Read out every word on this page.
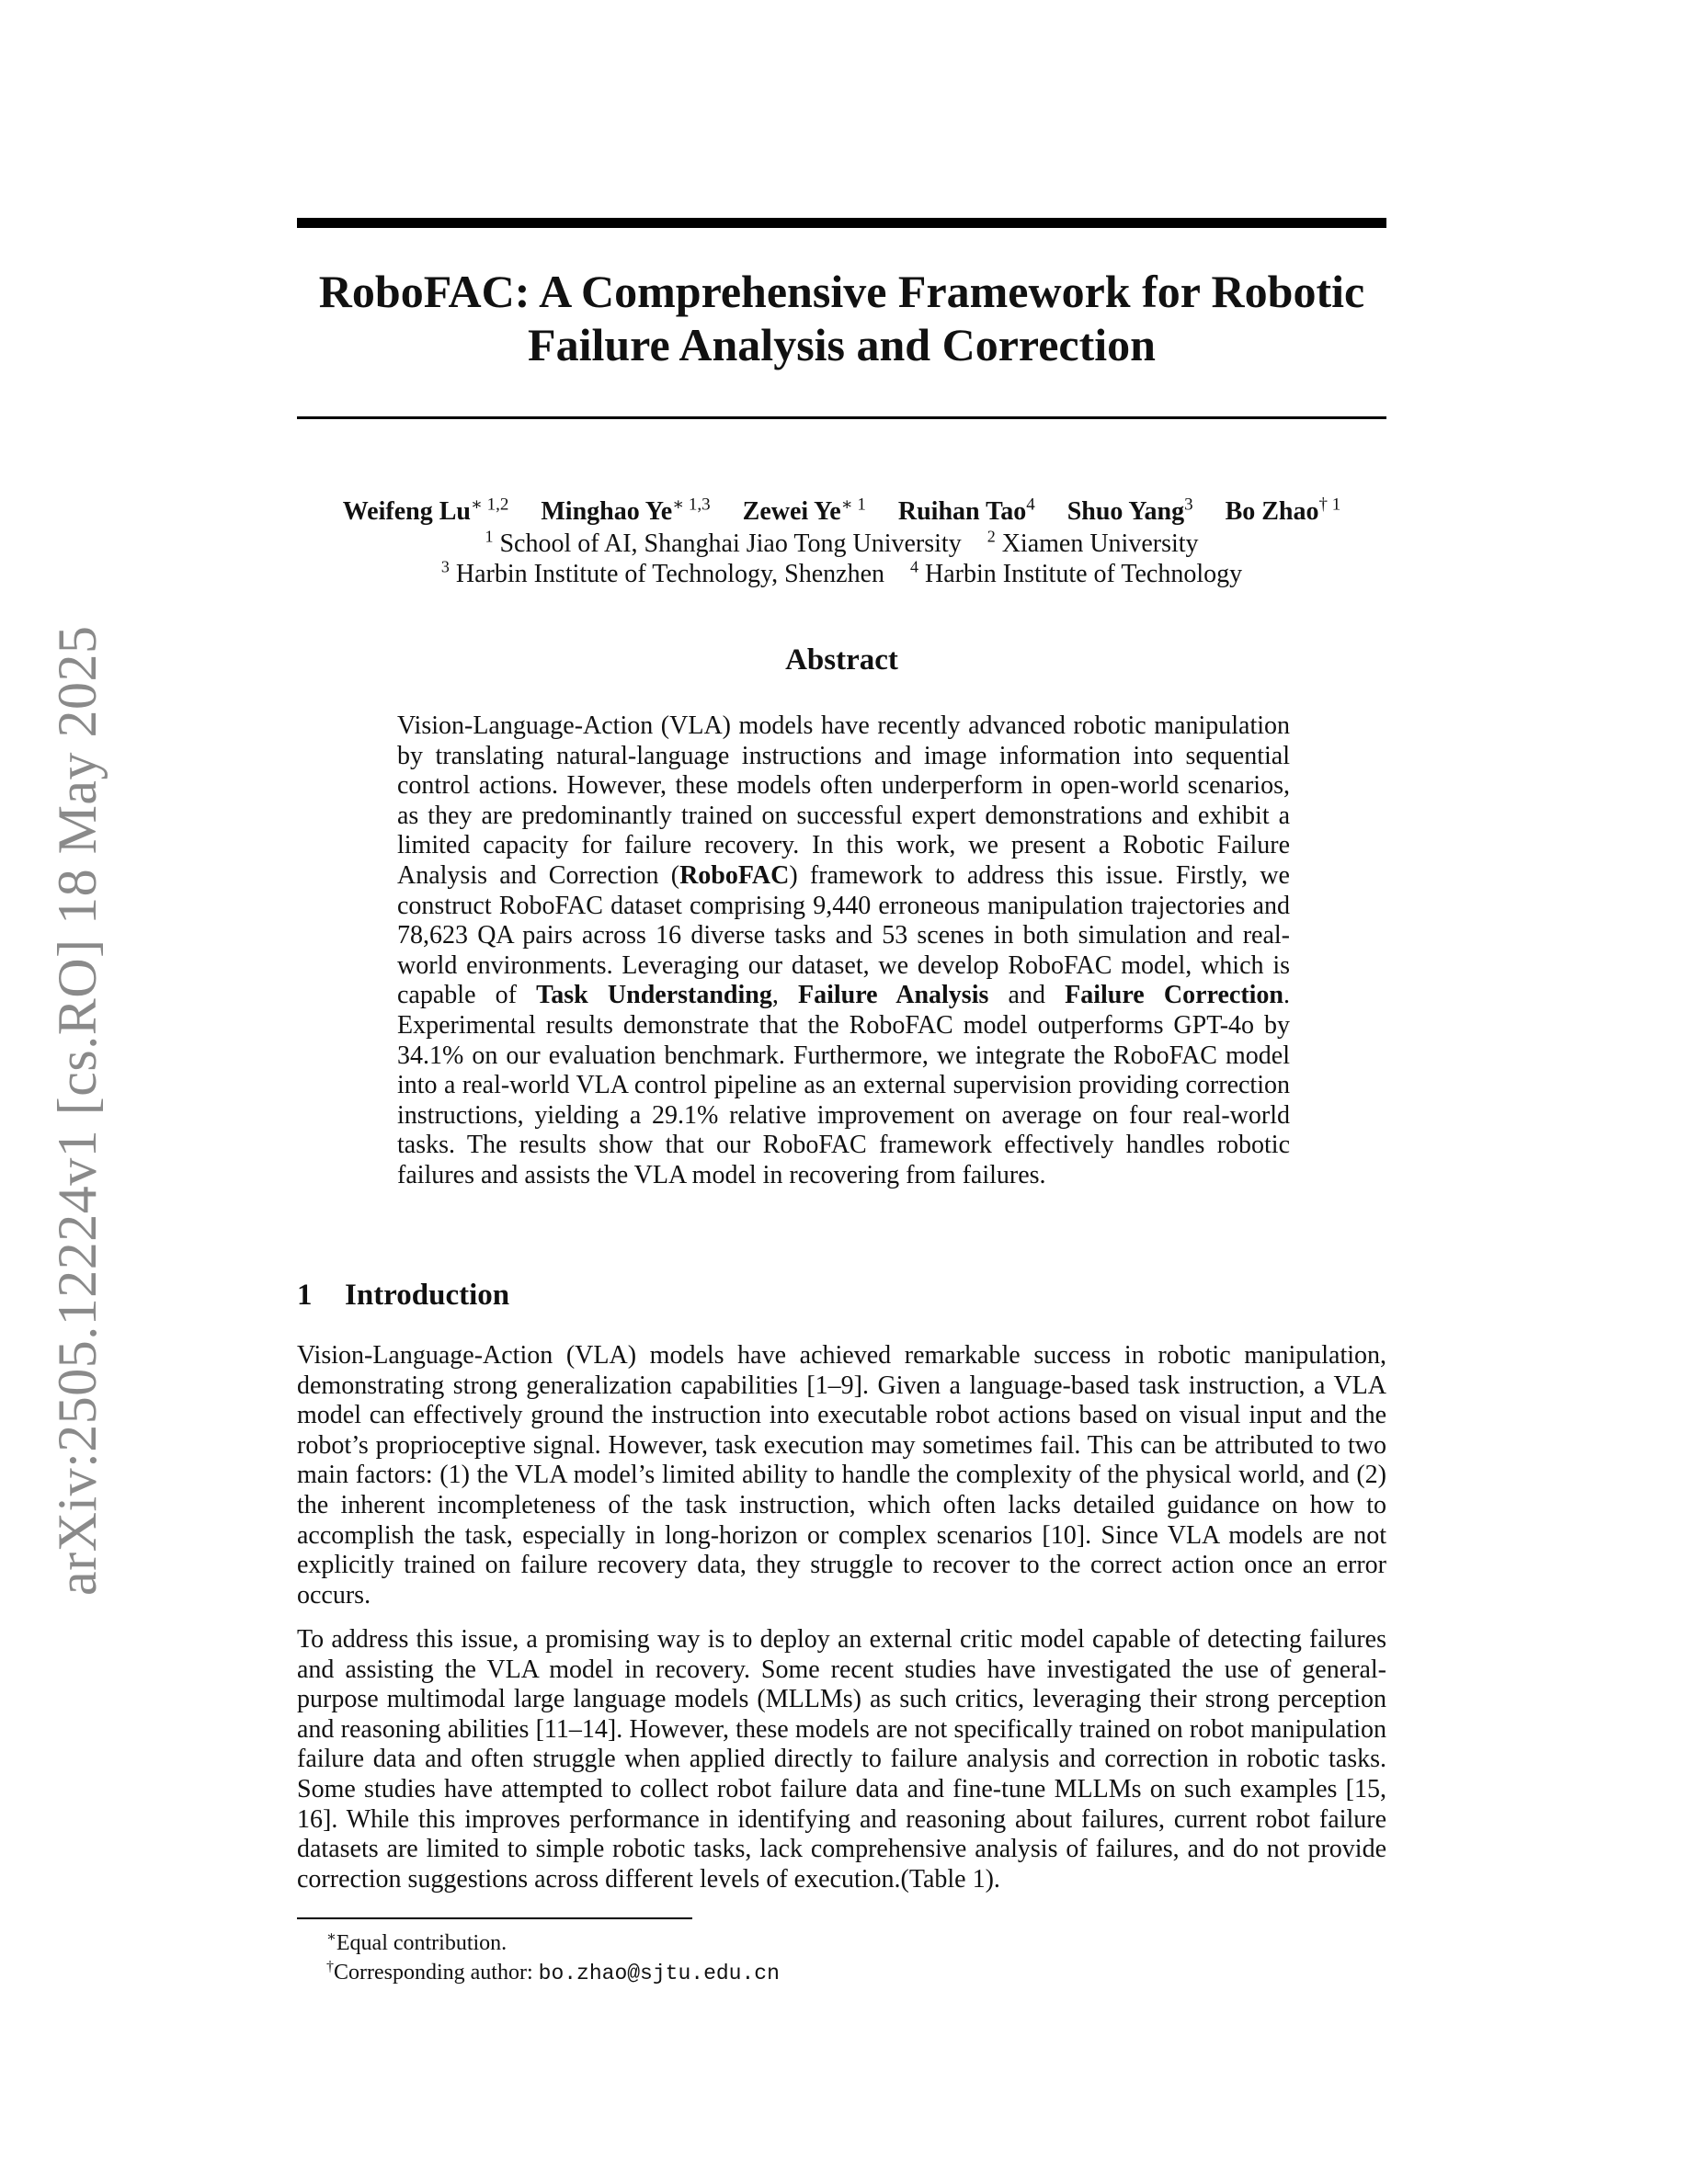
arXiv:2505.12224v1 [cs.RO] 18 May 2025
RoboFAC: A Comprehensive Framework for Robotic
Failure Analysis and Correction
Weifeng $Lu^{∗ 1,2}$ Minghao $Ye^{∗ 1,3}$ Zewei $Ye^{∗ 1}$ Ruihan Tao$^4$ Shuo Yang$^3$ Bo Zhao$^{\dagger 1}$
$^1$ School of AI, Shanghai Jiao Tong University $^2$ Xiamen University
$^3$ Harbin Institute of Technology, Shenzhen $^4$ Harbin Institute of Technology
Abstract

Vision-Language-Action (VLA) models have recently advanced robotic manipulation by translating natural-language instructions and image information into sequential control actions. However, these models often underperform in open-world scenarios, as they are predominantly trained on successful expert demonstrations and exhibit a limited capacity for failure recovery. In this work, we present a Robotic Failure Analysis and Correction (RoboFAC) framework to address this issue. Firstly, we construct RoboFAC dataset comprising 9,440 erroneous manipulation trajectories and 78,623 QA pairs across 16 diverse tasks and 53 scenes in both simulation and real-world environments. Leveraging our dataset, we develop RoboFAC model, which is capable of Task Understanding, Failure Analysis and Failure Correction. Experimental results demonstrate that the RoboFAC model outperforms GPT-4o by 34.1% on our evaluation benchmark. Furthermore, we integrate the RoboFAC model into a real-world VLA control pipeline as an external supervision providing correction instructions, yielding a 29.1% relative improvement on average on four real-world tasks. The results show that our RoboFAC framework effectively handles robotic failures and assists the VLA model in recovering from failures.

1 Introduction

Vision-Language-Action (VLA) models have achieved remarkable success in robotic manipulation, demonstrating strong generalization capabilities [1–9]. Given a language-based task instruction, a VLA model can effectively ground the instruction into executable robot actions based on visual input and the robot’s proprioceptive signal. However, task execution may sometimes fail. This can be attributed to two main factors: (1) the VLA model’s limited ability to handle the complexity of the physical world, and (2) the inherent incompleteness of the task instruction, which often lacks detailed guidance on how to accomplish the task, especially in long-horizon or complex scenarios [10]. Since VLA models are not explicitly trained on failure recovery data, they struggle to recover to the correct action once an error occurs.

To address this issue, a promising way is to deploy an external critic model capable of detecting failures and assisting the VLA model in recovery. Some recent studies have investigated the use of general-purpose multimodal large language models (MLLMs) as such critics, leveraging their strong perception and reasoning abilities [11–14]. However, these models are not specifically trained on robot manipulation failure data and often struggle when applied directly to failure analysis and correction in robotic tasks. Some studies have attempted to collect robot failure data and fine-tune MLLMs on such examples [15, 16]. While this improves performance in identifying and reasoning about failures, current robot failure datasets are limited to simple robotic tasks, lack comprehensive analysis of failures, and do not provide correction suggestions across different levels of execution.(Table 1).

∗Equal contribution.
†Corresponding author: bo.zhao@sjtu.edu.cn
